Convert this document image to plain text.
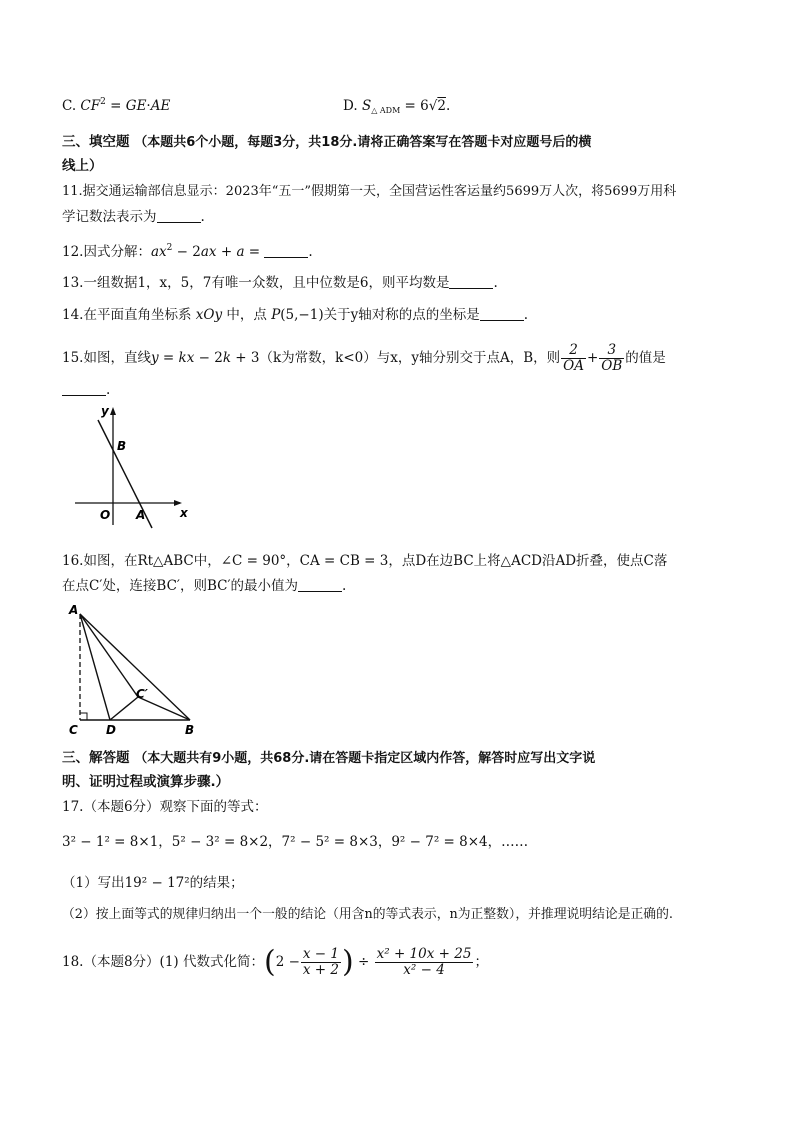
C. $CF^2 = GE\cdot AE$	D. $S_{\triangle ADM} = 6√2$.
三、填空题 （本题共6个小题，每题3分，共18分.请将正确答案写在答题卡对应题号后的横
线上）
11.据交通运输部信息显示：2023年“五一”假期第一天，全国营运性客运量约5699万人次，将5699万用科
学记数法表示为	.
12.因式分解：$ax^2 - 2ax + a$ =	.
13.一组数据1，x，5，7有唯一众数，且中位数是6，则平均数是	.
14.在平面直角坐标系 xOy 中，点 P(5,−1)关于y轴对称的点的坐标是	.
15.如图，直线y = kx − 2k + 3（k为常数，k<0）与x，y轴分别交于点A，B，则 $\frac{2}{OA} + \frac{3}{OB}$ 的值是
.
y
x
B
A
O
16.如图，在Rt△ABC中，∠C = 90°，CA = CB = 3，点D在边BC上将△ACD沿AD折叠，使点C落
在点C′处，连接BC′，则BC′的最小值为	.
A
C D	B
C′
三、解答题 （本大题共有9小题，共68分.请在答题卡指定区域内作答，解答时应写出文字说
明、证明过程或演算步骤.）
17.（本题6分）观察下面的等式：
3² − 1² = 8×1，5² − 3² = 8×2，7² − 5² = 8×3，9² − 7² = 8×4，……
（1）写出19² − 17²的结果；
（2）按上面等式的规律归纳出一个一般的结论（用含n的等式表示，n为正整数），并推理说明结论是正确的.
18.（本题8分）(1) 代数式化简：($2 - \frac{x - 1}{x + 2}$ ) ÷ $\frac{\text{x² + 10x + 25}}{\text{x² − 4}}$ ；
